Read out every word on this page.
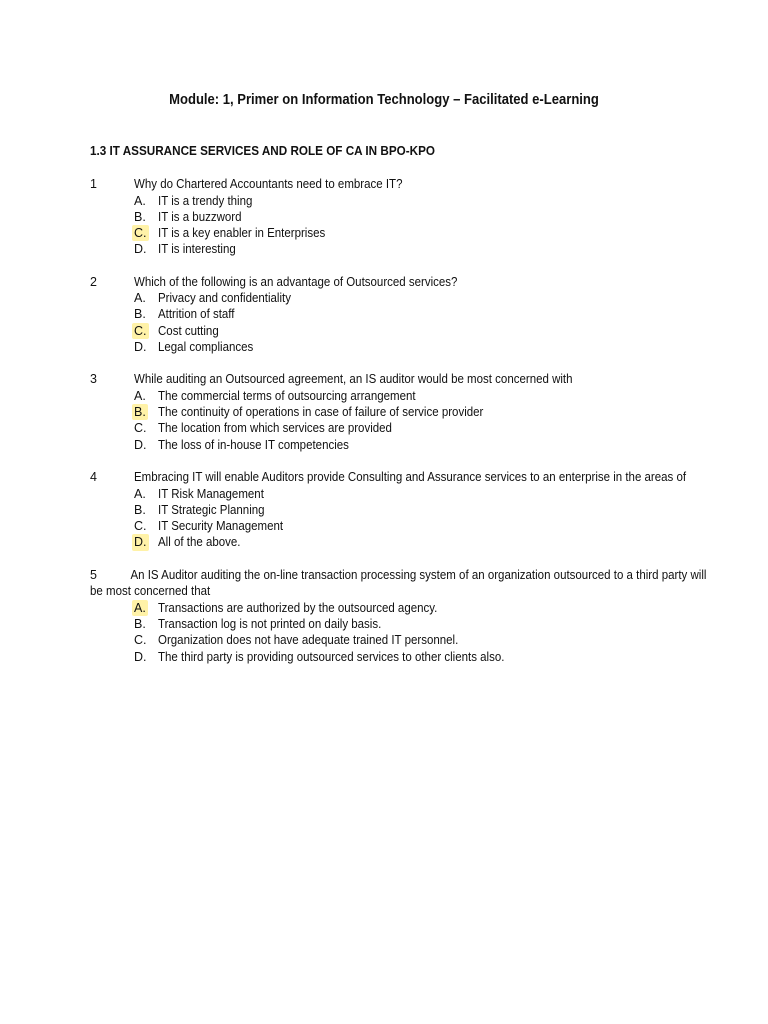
Module: 1, Primer on Information Technology – Facilitated e-Learning
1.3 IT ASSURANCE SERVICES AND ROLE OF CA IN BPO-KPO
1	Why do Chartered Accountants need to embrace IT?
A. IT is a trendy thing
B. IT is a buzzword
C. IT is a key enabler in Enterprises
D. IT is interesting
2	Which of the following is an advantage of Outsourced services?
A. Privacy and confidentiality
B. Attrition of staff
C. Cost cutting
D. Legal compliances
3	While auditing an Outsourced agreement, an IS auditor would be most concerned with
A. The commercial terms of outsourcing arrangement
B. The continuity of operations in case of failure of service provider
C. The location from which services are provided
D. The loss of in-house IT competencies
4	Embracing IT will enable Auditors provide Consulting and Assurance services to an enterprise in the areas of
A. IT Risk Management
B. IT Strategic Planning
C. IT Security Management
D. All of the above.
5	An IS Auditor auditing the on-line transaction processing system of an organization outsourced to a third party will be most concerned that
A. Transactions are authorized by the outsourced agency.
B. Transaction log is not printed on daily basis.
C. Organization does not have adequate trained IT personnel.
D. The third party is providing outsourced services to other clients also.
